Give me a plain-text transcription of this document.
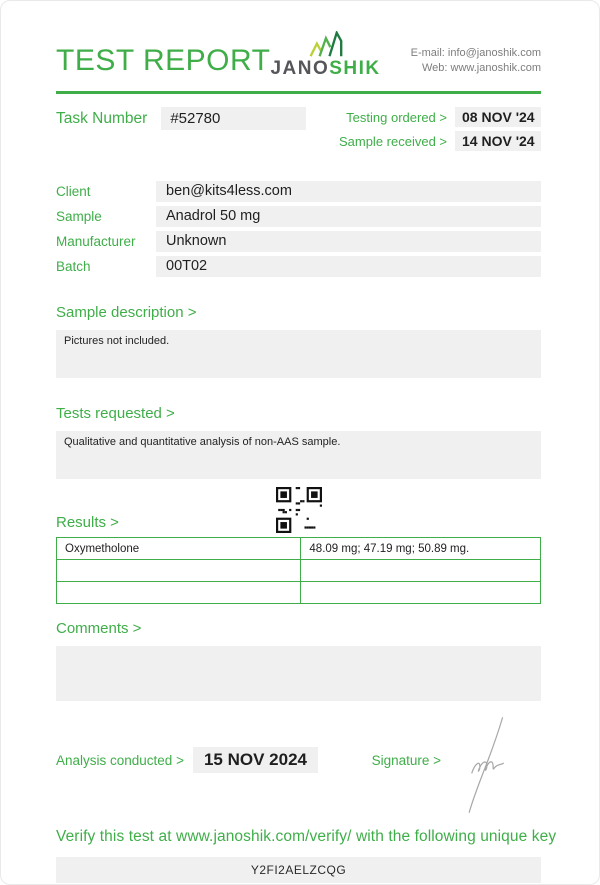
TEST REPORT JANOSHIK
E-mail: info@janoshik.com
Web: www.janoshik.com
Task Number	#52780	Testing ordered >	08 NOV '24
Sample received >	14 NOV '24
Client	ben@kits4less.com
Sample	Anadrol 50 mg
Manufacturer	Unknown
Batch	00T02
Sample description >
Pictures not included.
Tests requested >
Qualitative and quantitative analysis of non-AAS sample.
Results >
Oxymetholone	48.09 mg; 47.19 mg; 50.89 mg.

Comments >
Analysis conducted >	15 NOV 2024	Signature >
Verify this test at www.janoshik.com/verify/ with the following unique key
Y2FI2AELZCQG
